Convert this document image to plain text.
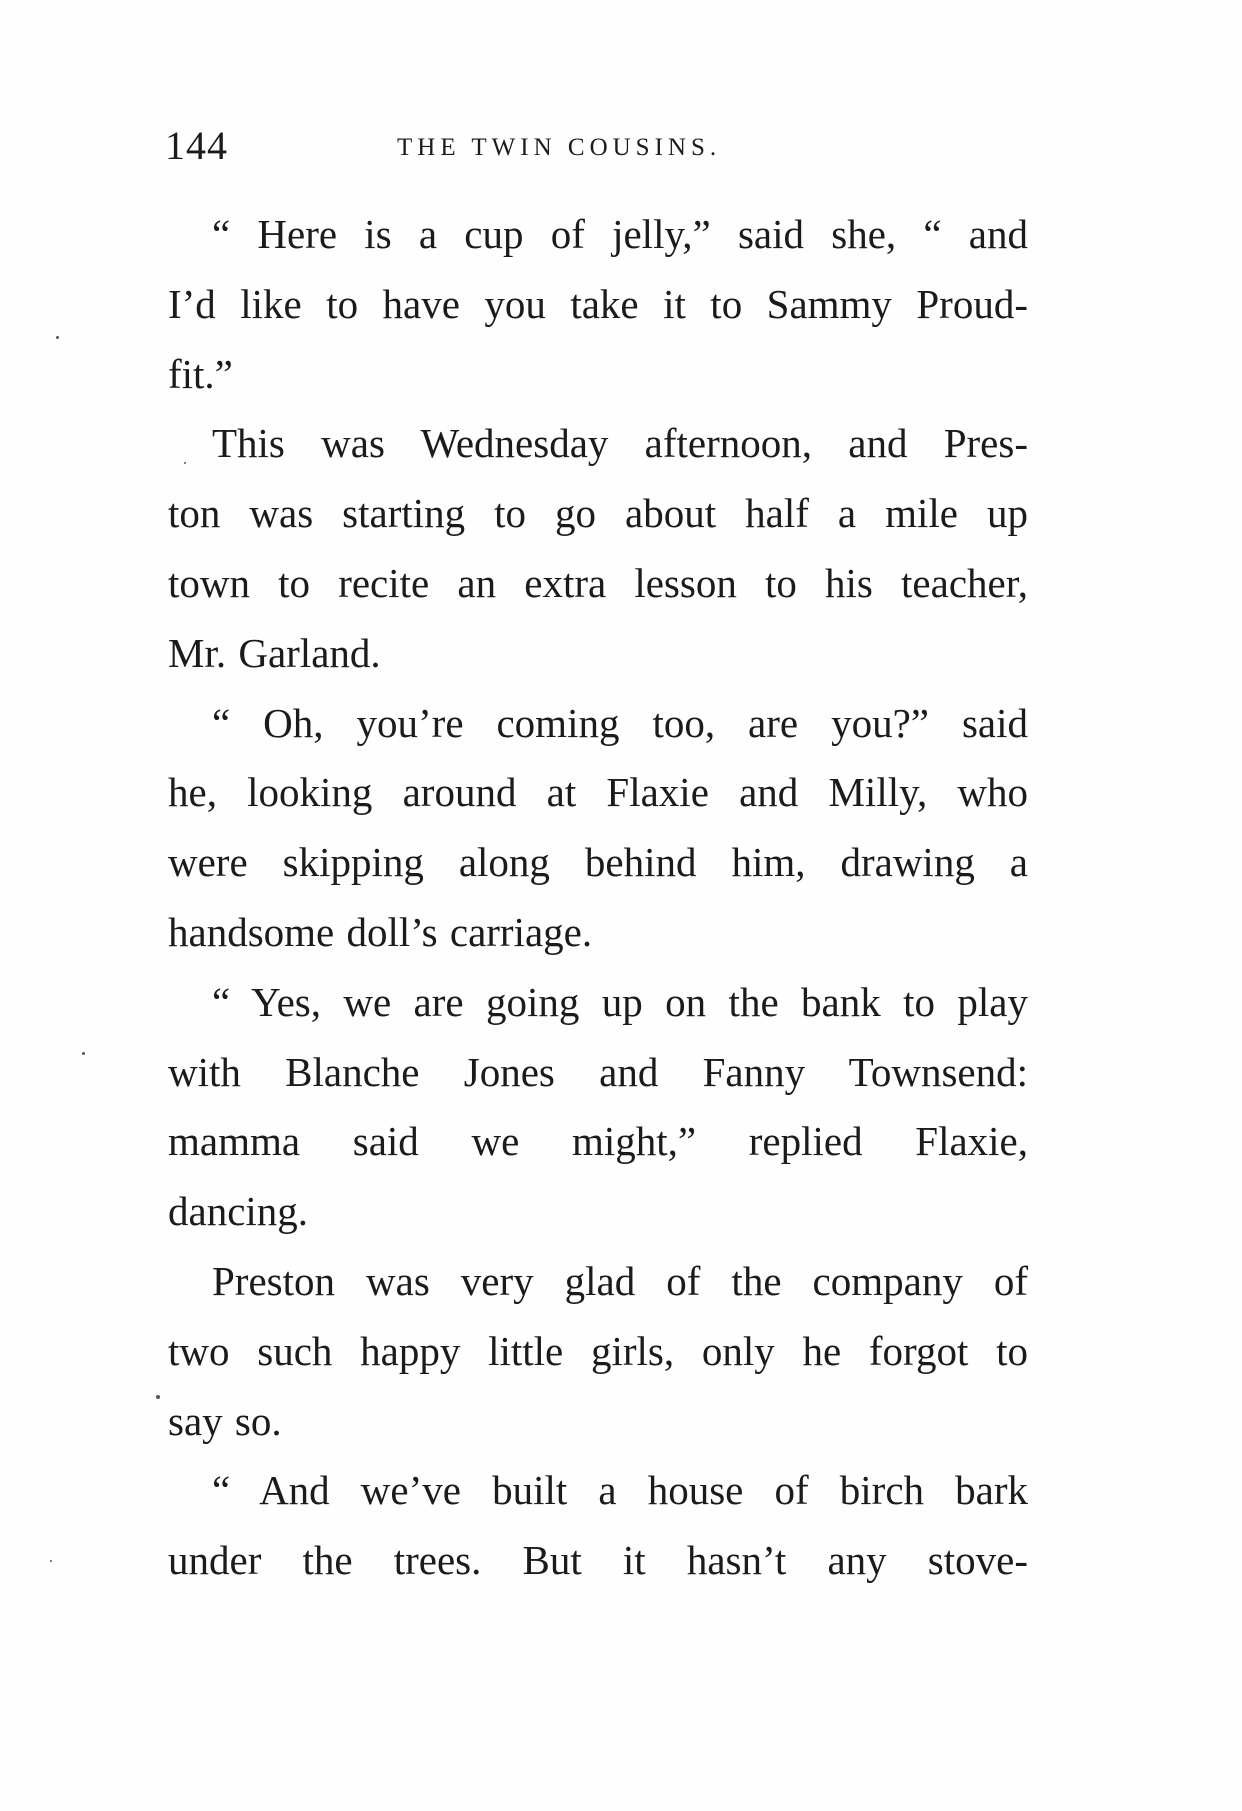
144	THE TWIN COUSINS.
“ Here is a cup of jelly,” said she, “ and
I’d like to have you take it to Sammy Proud-
fit.”
This was Wednesday afternoon, and Pres-
ton was starting to go about half a mile up
town to recite an extra lesson to his teacher,
Mr. Garland.
“ Oh, you’re coming too, are you?” said
he, looking around at Flaxie and Milly, who
were skipping along behind him, drawing a
handsome doll’s carriage.
“ Yes, we are going up on the bank to play
with Blanche Jones and Fanny Townsend:
mamma said we might,” replied Flaxie,
dancing.
Preston was very glad of the company of
two such happy little girls, only he forgot to
say so.
“ And we’ve built a house of birch bark
under the trees. But it hasn’t any stove-
